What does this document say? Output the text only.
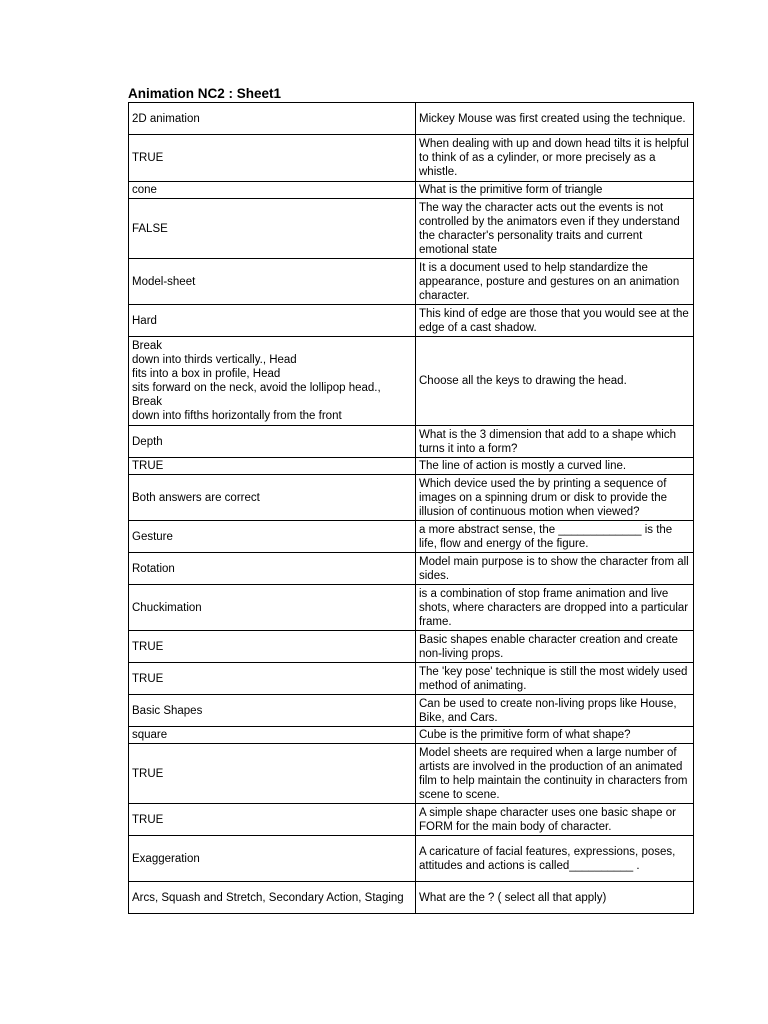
Animation NC2 : Sheet1
2D animation	Mickey Mouse was first created using the technique.
TRUE	When dealing with up and down head tilts it is helpful to think of as a cylinder, or more precisely as a whistle.
cone	What is the primitive form of triangle
FALSE	The way the character acts out the events is not controlled by the animators even if they understand the character's personality traits and current emotional state
Model-sheet	It is a document used to help standardize the appearance, posture and gestures on an animation character.
Hard	This kind of edge are those that you would see at the edge of a cast shadow.
Break
down into thirds vertically., Head
fits into a box in profile, Head
sits forward on the neck, avoid the lollipop head., Break
down into fifths horizontally from the front	Choose all the keys to drawing the head.
Depth	What is the 3 dimension that add to a shape which turns it into a form?
TRUE	The line of action is mostly a curved line.
Both answers are correct	Which device used the by printing a sequence of images on a spinning drum or disk to provide the illusion of continuous motion when viewed?
Gesture	a more abstract sense, the _____________ is the life, flow and energy of the figure.
Rotation	Model main purpose is to show the character from all sides.
Chuckimation	is a combination of stop frame animation and live shots, where characters are dropped into a particular frame.
TRUE	Basic shapes enable character creation and create non-living props.
TRUE	The 'key pose' technique is still the most widely used method of animating.
Basic Shapes	Can be used to create non-living props like House, Bike, and Cars.
square	Cube is the primitive form of what shape?
TRUE	Model sheets are required when a large number of artists are involved in the production of an animated film to help maintain the continuity in characters from scene to scene.
TRUE	A simple shape character uses one basic shape or FORM for the main body of character.
Exaggeration	A caricature of facial features, expressions, poses, attitudes and actions is called__________ .
Arcs, Squash and Stretch, Secondary Action, Staging	What are the ? ( select all that apply)
